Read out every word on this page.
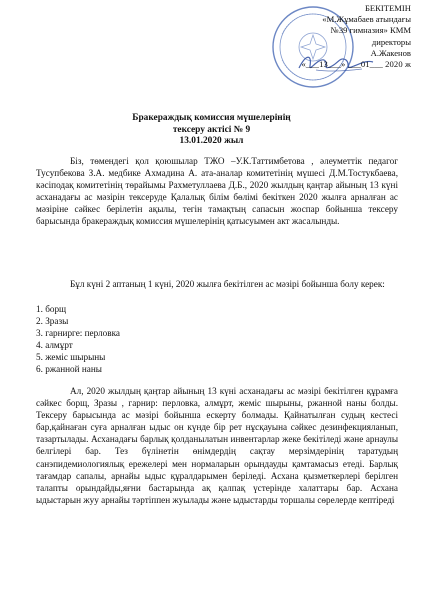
БЕКІТЕМІН
«М.Жұмабаев атындағы
№39 гимназия» КММ
директоры
А.Жакенов
«___13___» ___01___ 2020 ж
Бракераждық комиссия мүшелерінің
тексеру актісі № 9
13.01.2020 жыл
Біз, төмендегі қол қоюшылар ТЖО –У.К.Таттимбетова , әлеуметтік педагог Тусупбекова З.А. медбике Ахмадина А. ата-аналар комитетінің мүшесі Д.М.Тостукбаева, кәсіподақ комитетінің төрайымы Рахметуллаева Д.Б., 2020 жылдың қаңтар айының 13 күні асханадағы ас мәзірін тексеруде Қалалық білім бөлімі бекіткен 2020 жылға арналған ас мәзіріне сәйкес берілетін ақылы, тегін тамақтың сапасын жоспар бойынша тексеру барысында бракераждық комиссия мүшелерінің қатысуымен акт жасалынды.
Бұл күні 2 аптаның 1 күні, 2020 жылға бекітілген ас мәзірі бойынша болу керек:
1. борщ
2. Зразы
3. гарнирге: перловка
4. алмұрт
5. жеміс шырыны
6. ржанной наны
Ал, 2020 жылдың қаңтар айының 13 күні асханадағы ас мәзірі бекітілген құрамға сәйкес борщ, Зразы , гарнир: перловка, алмұрт, жеміс шырыны, ржанной наны болды. Тексеру барысында ас мәзірі бойынша ескерту болмады. Қайнатылған судың кестесі бар,қайнаған суға арналған ыдыс он күнде бір рет нұсқауына сәйкес дезинфекцияланып, тазартылады. Асханадағы барлық қолданылатын инвентарлар жеке бекітіледі және арнаулы белгілері бар. Тез бүлінетін өнімдердің сақтау мерзімдерінің таратудың санэпидемиологиялық ережелері мен нормаларын орындауды қамтамасыз етеді. Барлық тағамдар сапалы, арнайы ыдыс құралдарымен беріледі. Асхана қызметкерлері берілген талапты орындайды,яғни бастарында ақ қалпақ үстерінде халаттары бар. Асхана ыдыстарын жуу арнайы тәртіппен жуылады және ыдыстарды торшалы сөрелерде кептіреді
